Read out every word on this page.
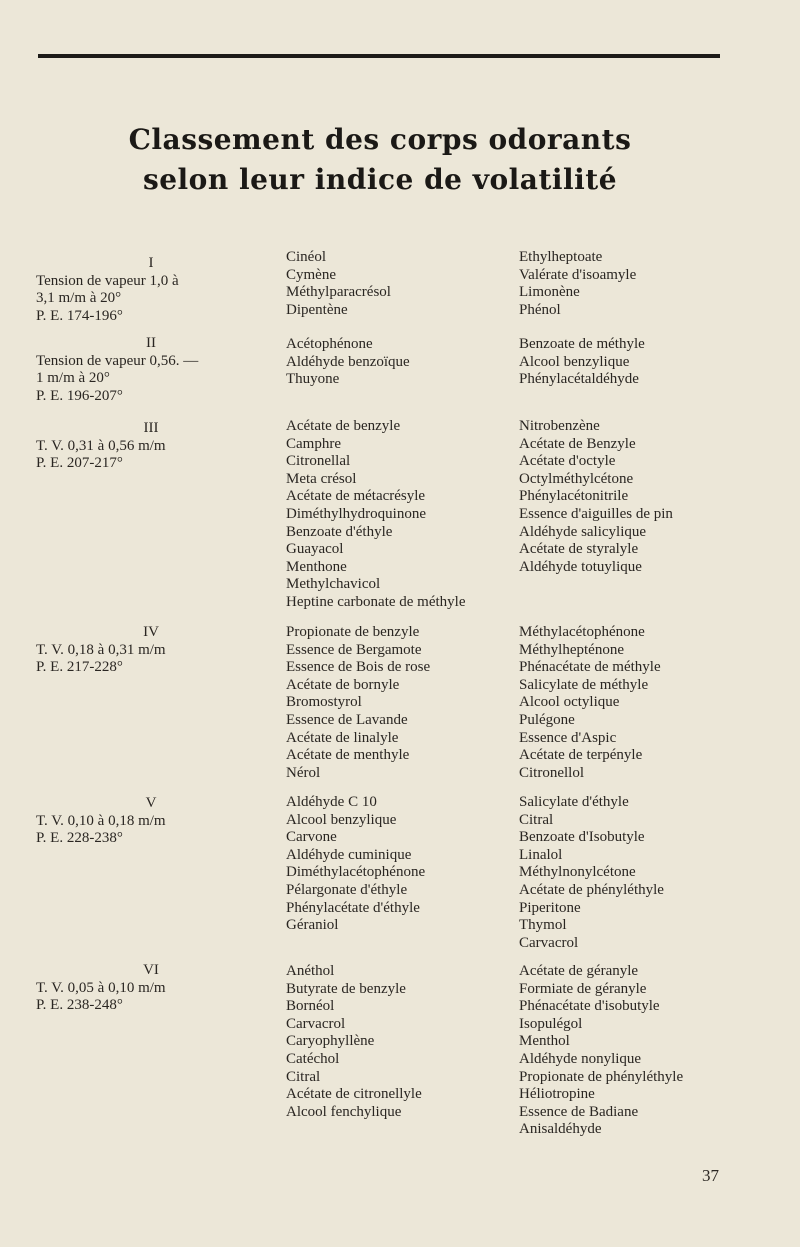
Classement des corps odorants
selon leur indice de volatilité
I
Tension de vapeur 1,0 à
3,1 m/m à 20°
P. E. 174-196°
Cinéol
Cymène
Méthylparacrésol
Dipentène
Ethylheptoate
Valérate d'isoamyle
Limonène
Phénol
II
Tension de vapeur 0,56. —
1 m/m à 20°
P. E. 196-207°
Acétophénone
Aldéhyde benzoïque
Thuyone
Benzoate de méthyle
Alcool benzylique
Phénylacétaldéhyde
III
T. V. 0,31 à 0,56 m/m
P. E. 207-217°
Acétate de benzyle
Camphre
Citronellal
Meta crésol
Acétate de métacrésyle
Diméthylhydroquinone
Benzoate d'éthyle
Guayacol
Menthone
Methylchavicol
Heptine carbonate de méthyle
Nitrobenzène
Acétate de Benzyle
Acétate d'octyle
Octylméthylcétone
Phénylacétonitrile
Essence d'aiguilles de pin
Aldéhyde salicylique
Acétate de styralyle
Aldéhyde totuylique
IV
T. V. 0,18 à 0,31 m/m
P. E. 217-228°
Propionate de benzyle
Essence de Bergamote
Essence de Bois de rose
Acétate de bornyle
Bromostyrol
Essence de Lavande
Acétate de linalyle
Acétate de menthyle
Nérol
Méthylacétophénone
Méthylhepténone
Phénacétate de méthyle
Salicylate de méthyle
Alcool octylique
Pulégone
Essence d'Aspic
Acétate de terpényle
Citronellol
V
T. V. 0,10 à 0,18 m/m
P. E. 228-238°
Aldéhyde C 10
Alcool benzylique
Carvone
Aldéhyde cuminique
Diméthylacétophénone
Pélargonate d'éthyle
Phénylacétate d'éthyle
Géraniol
Salicylate d'éthyle
Citral
Benzoate d'Isobutyle
Linalol
Méthylnonylcétone
Acétate de phényléthyle
Piperitone
Thymol
Carvacrol
VI
T. V. 0,05 à 0,10 m/m
P. E. 238-248°
Anéthol
Butyrate de benzyle
Bornéol
Carvacrol
Caryophyllène
Catéchol
Citral
Acétate de citronellyle
Alcool fenchylique
Acétate de géranyle
Formiate de géranyle
Phénacétate d'isobutyle
Isopulégol
Menthol
Aldéhyde nonylique
Propionate de phényléthyle
Héliotropine
Essence de Badiane
Anisaldéhyde
37
